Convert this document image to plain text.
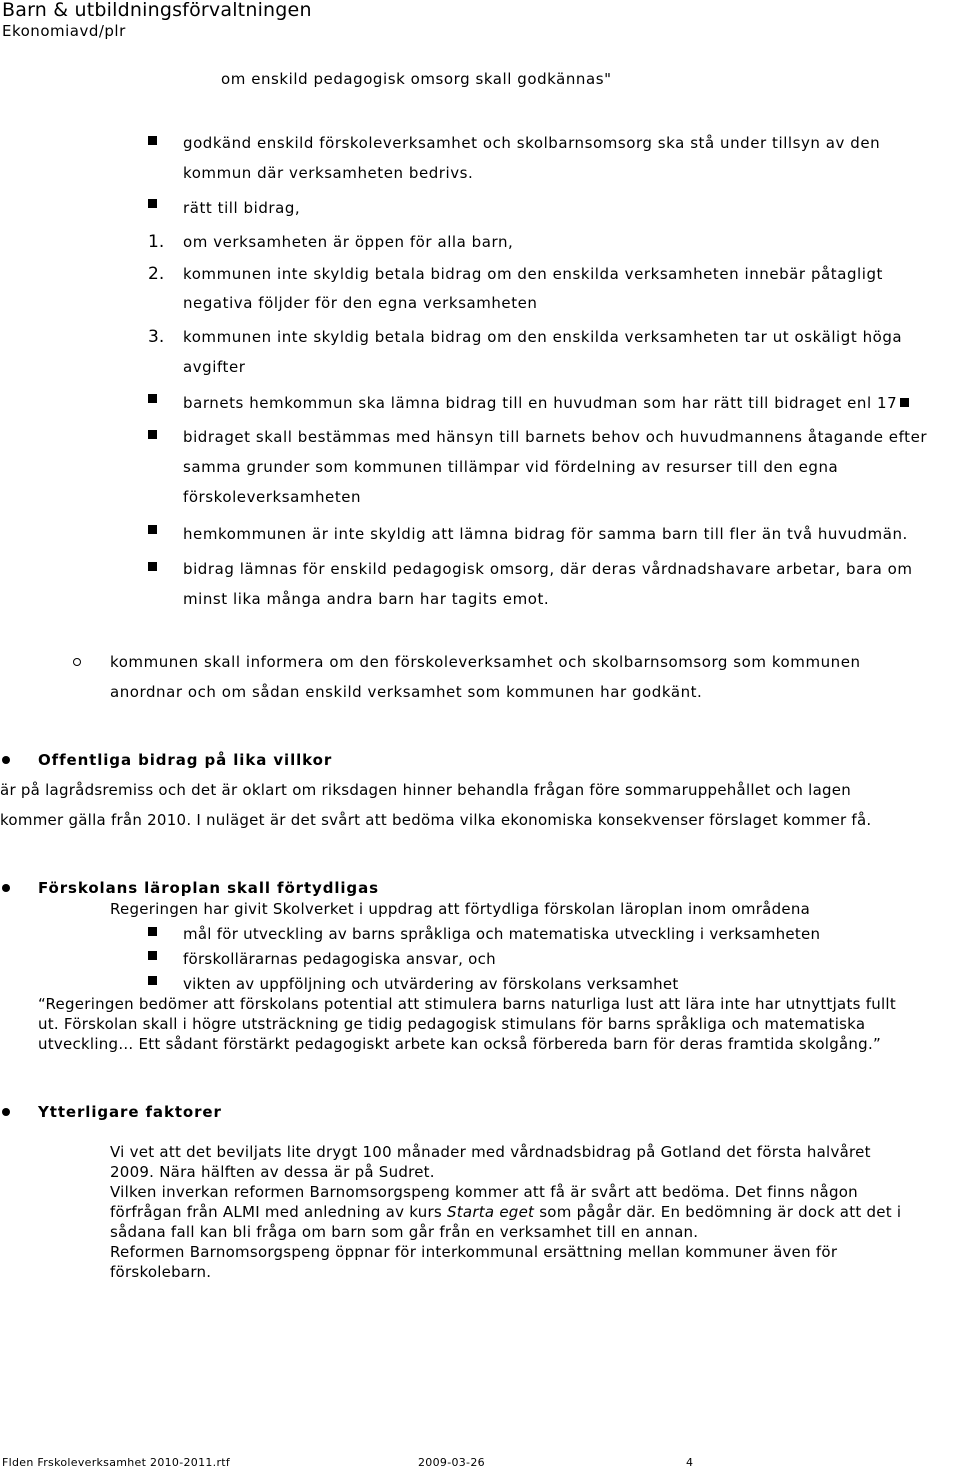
Barn & utbildningsförvaltningen
Ekonomiavd/plr
om enskild pedagogisk omsorg skall godkännas"
godkänd enskild förskoleverksamhet och skolbarnsomsorg ska stå under tillsyn av den
kommun där verksamheten bedrivs.
rätt till bidrag,
1. om verksamheten är öppen för alla barn,
2. kommunen inte skyldig betala bidrag om den enskilda verksamheten innebär påtagligt
negativa följder för den egna verksamheten
3. kommunen inte skyldig betala bidrag om den enskilda verksamheten tar ut oskäligt höga
avgifter
barnets hemkommun ska lämna bidrag till en huvudman som har rätt till bidraget enl 17
bidraget skall bestämmas med hänsyn till barnets behov och huvudmannens åtagande efter
samma grunder som kommunen tillämpar vid fördelning av resurser till den egna
förskoleverksamheten
hemkommunen är inte skyldig att lämna bidrag för samma barn till fler än två huvudmän.
bidrag lämnas för enskild pedagogisk omsorg, där deras vårdnadshavare arbetar, bara om
minst lika många andra barn har tagits emot.
kommunen skall informera om den förskoleverksamhet och skolbarnsomsorg som kommunen
anordnar och om sådan enskild verksamhet som kommunen har godkänt.
Offentliga bidrag på lika villkor
är på lagrådsremiss och det är oklart om riksdagen hinner behandla frågan före sommaruppehållet och lagen
kommer gälla från 2010. I nuläget är det svårt att bedöma vilka ekonomiska konsekvenser förslaget kommer få.
Förskolans läroplan skall förtydligas
Regeringen har givit Skolverket i uppdrag att förtydliga förskolan läroplan inom områdena
mål för utveckling av barns språkliga och matematiska utveckling i verksamheten
förskollärarnas pedagogiska ansvar, och
vikten av uppföljning och utvärdering av förskolans verksamhet
“Regeringen bedömer att förskolans potential att stimulera barns naturliga lust att lära inte har utnyttjats fullt
ut. Förskolan skall i högre utsträckning ge tidig pedagogisk stimulans för barns språkliga och matematiska
utveckling… Ett sådant förstärkt pedagogiskt arbete kan också förbereda barn för deras framtida skolgång.”
Ytterligare faktorer
Vi vet att det beviljats lite drygt 100 månader med vårdnadsbidrag på Gotland det första halvåret
2009. Nära hälften av dessa är på Sudret.
Vilken inverkan reformen Barnomsorgspeng kommer att få är svårt att bedöma. Det finns någon
förfrågan från ALMI med anledning av kurs Starta eget som pågår där. En bedömning är dock att det i
sådana fall kan bli fråga om barn som går från en verksamhet till en annan.
Reformen Barnomsorgspeng öppnar för interkommunal ersättning mellan kommuner även för
förskolebarn.
Flden Frskoleverksamhet 2010-2011.rtf	2009-03-26	4
